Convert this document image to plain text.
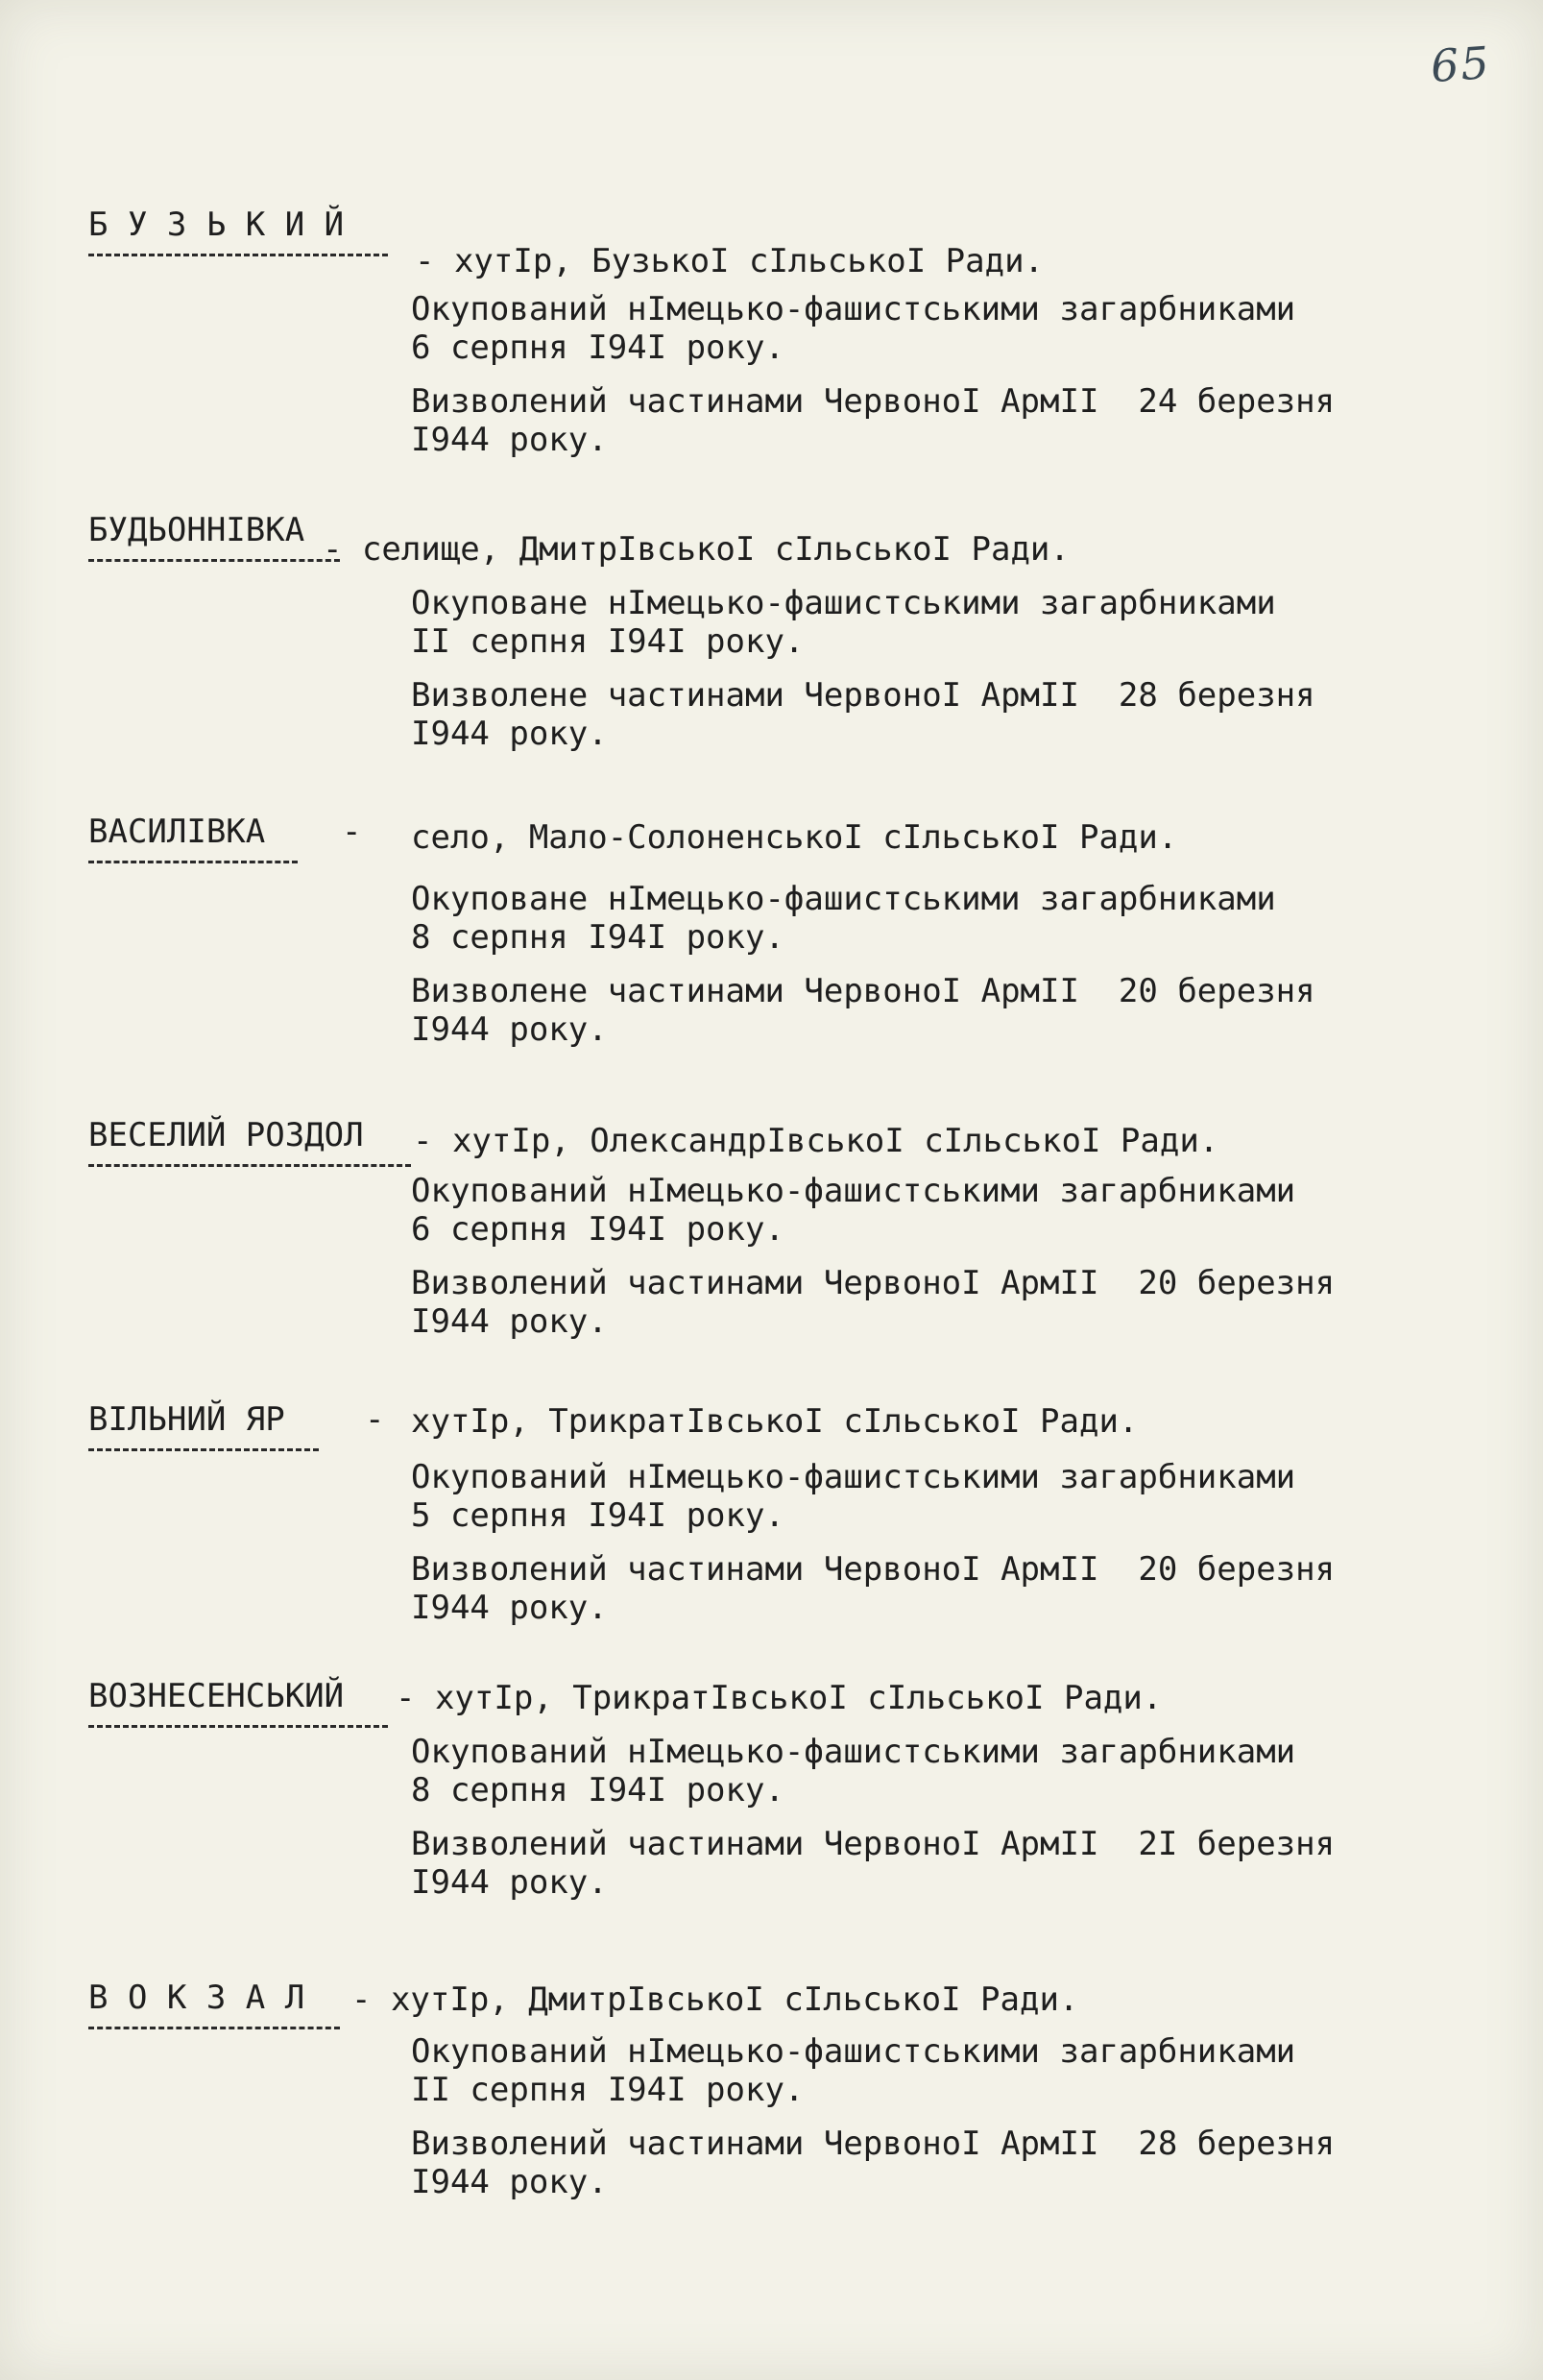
65
Б У З Ь К И Й
- хутІр, БузькоІ сІльськоІ Ради.
Окупований нІмецько-фашистськими загарбниками
6 серпня І94І року.
Визволений частинами ЧервоноІ АрмІІ  24 березня
І944 року.
БУДЬОННІВКА - селище, ДмитрІвськоІ сІльськоІ Ради.
Окуповане нІмецько-фашистськими загарбниками
ІІ серпня І94І року.
Визволене частинами ЧервоноІ АрмІІ  28 березня
І944 року.
ВАСИЛІВКА - село, Мало-СолоненськоІ сІльськоІ Ради.
Окуповане нІмецько-фашистськими загарбниками
8 серпня І94І року.
Визволене частинами ЧервоноІ АрмІІ  20 березня
І944 року.
ВЕСЕЛИЙ РОЗДОЛ - хутІр, ОлександрІвськоІ сІльськоІ Ради.
Окупований нІмецько-фашистськими загарбниками
6 серпня І94І року.
Визволений частинами ЧервоноІ АрмІІ  20 березня
І944 року.
ВІЛЬНИЙ ЯР - хутІр, ТрикратІвськоІ сІльськоІ Ради.
Окупований нІмецько-фашистськими загарбниками
5 серпня І94І року.
Визволений частинами ЧервоноІ АрмІІ  20 березня
І944 року.
ВОЗНЕСЕНСЬКИЙ - хутІр, ТрикратІвськоІ сІльськоІ Ради.
Окупований нІмецько-фашистськими загарбниками
8 серпня І94І року.
Визволений частинами ЧервоноІ АрмІІ  2І березня
І944 року.
В О К З А Л - хутІр, ДмитрІвськоІ сІльськоІ Ради.
Окупований нІмецько-фашистськими загарбниками
ІІ серпня І94І року.
Визволений частинами ЧервоноІ АрмІІ  28 березня
І944 року.
